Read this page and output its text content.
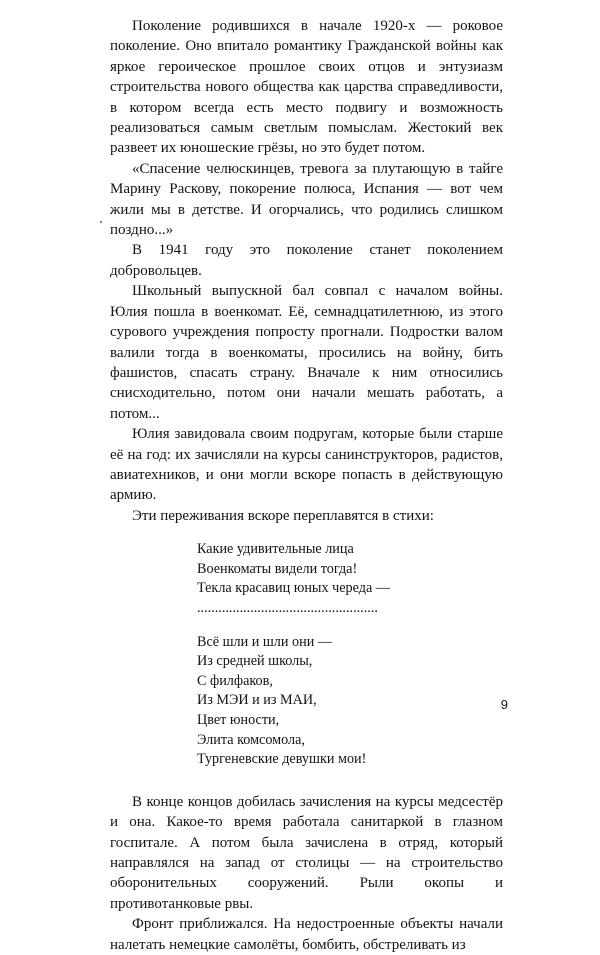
Поколение родившихся в начале 1920-х — роковое поколение. Оно впитало романтику Гражданской войны как яркое героическое прошлое своих отцов и энтузиазм строительства нового общества как царства справедливости, в котором всегда есть место подвигу и возможность реализоваться самым светлым помыслам. Жестокий век развеет их юношеские грёзы, но это будет потом.

«Спасение челюскинцев, тревога за плутающую в тайге Марину Раскову, покорение полюса, Испания — вот чем жили мы в детстве. И огорчались, что родились слишком поздно...»

В 1941 году это поколение станет поколением добровольцев.

Школьный выпускной бал совпал с началом войны. Юлия пошла в военкомат. Её, семнадцатилетнюю, из этого сурового учреждения попросту прогнали. Подростки валом валили тогда в военкоматы, просились на войну, бить фашистов, спасать страну. Вначале к ним относились снисходительно, потом они начали мешать работать, а потом...

Юлия завидовала своим подругам, которые были старше её на год: их зачисляли на курсы санинструкторов, радистов, авиатехников, и они могли вскоре попасть в действующую армию.

Эти переживания вскоре переплавятся в стихи:

Какие удивительные лица
Военкоматы видели тогда!
Текла красавиц юных череда —
...................................................
Всё шли и шли они —
Из средней школы,
С филфаков,
Из МЭИ и из МАИ,
Цвет юности,
Элита комсомола,
Тургеневские девушки мои!

В конце концов добилась зачисления на курсы медсестёр и она. Какое-то время работала санитаркой в глазном госпитале. А потом была зачислена в отряд, который направлялся на запад от столицы — на строительство оборонительных сооружений. Рыли окопы и противотанковые рвы.

Фронт приближался. На недостроенные объекты начали налетать немецкие самолёты, бомбить, обстреливать из

9
